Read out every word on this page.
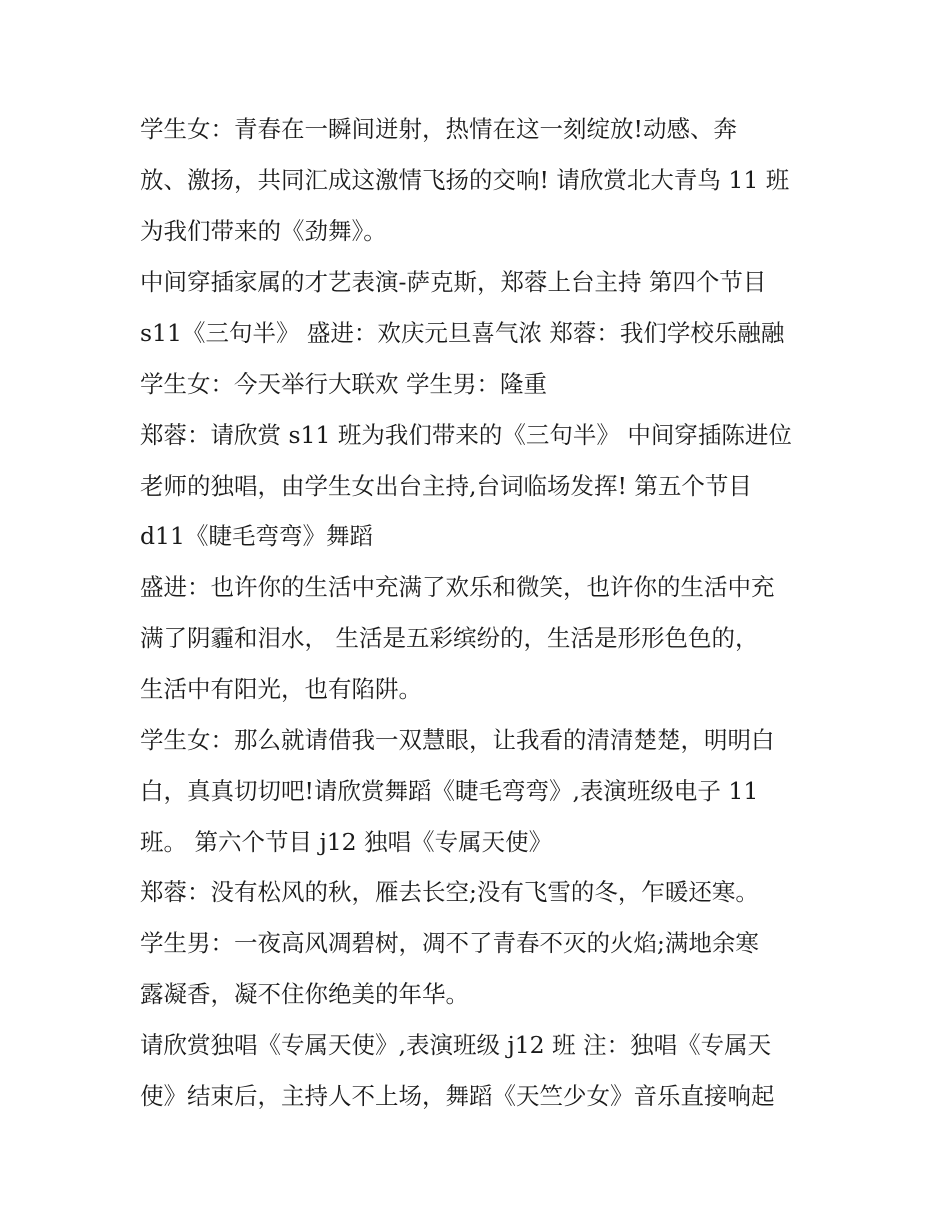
学生女：青春在一瞬间迸射，热情在这一刻绽放!动感、奔
放、激扬，共同汇成这激情飞扬的交响! 请欣赏北大青鸟 11 班
为我们带来的《劲舞》。
中间穿插家属的才艺表演-萨克斯，郑蓉上台主持 第四个节目
s11《三句半》 盛进：欢庆元旦喜气浓 郑蓉：我们学校乐融融
学生女：今天举行大联欢 学生男：隆重
郑蓉：请欣赏 s11 班为我们带来的《三句半》 中间穿插陈进位
老师的独唱，由学生女出台主持,台词临场发挥! 第五个节目
d11《睫毛弯弯》舞蹈
盛进：也许你的生活中充满了欢乐和微笑，也许你的生活中充
满了阴霾和泪水， 生活是五彩缤纷的，生活是形形色色的，
生活中有阳光，也有陷阱。
学生女：那么就请借我一双慧眼，让我看的清清楚楚，明明白
白，真真切切吧!请欣赏舞蹈《睫毛弯弯》,表演班级电子 11
班。 第六个节目 j12 独唱《专属天使》
郑蓉：没有松风的秋，雁去长空;没有飞雪的冬，乍暖还寒。
学生男：一夜高风凋碧树，凋不了青春不灭的火焰;满地余寒
露凝香，凝不住你绝美的年华。
请欣赏独唱《专属天使》,表演班级 j12 班 注：独唱《专属天
使》结束后，主持人不上场，舞蹈《天竺少女》音乐直接响起
